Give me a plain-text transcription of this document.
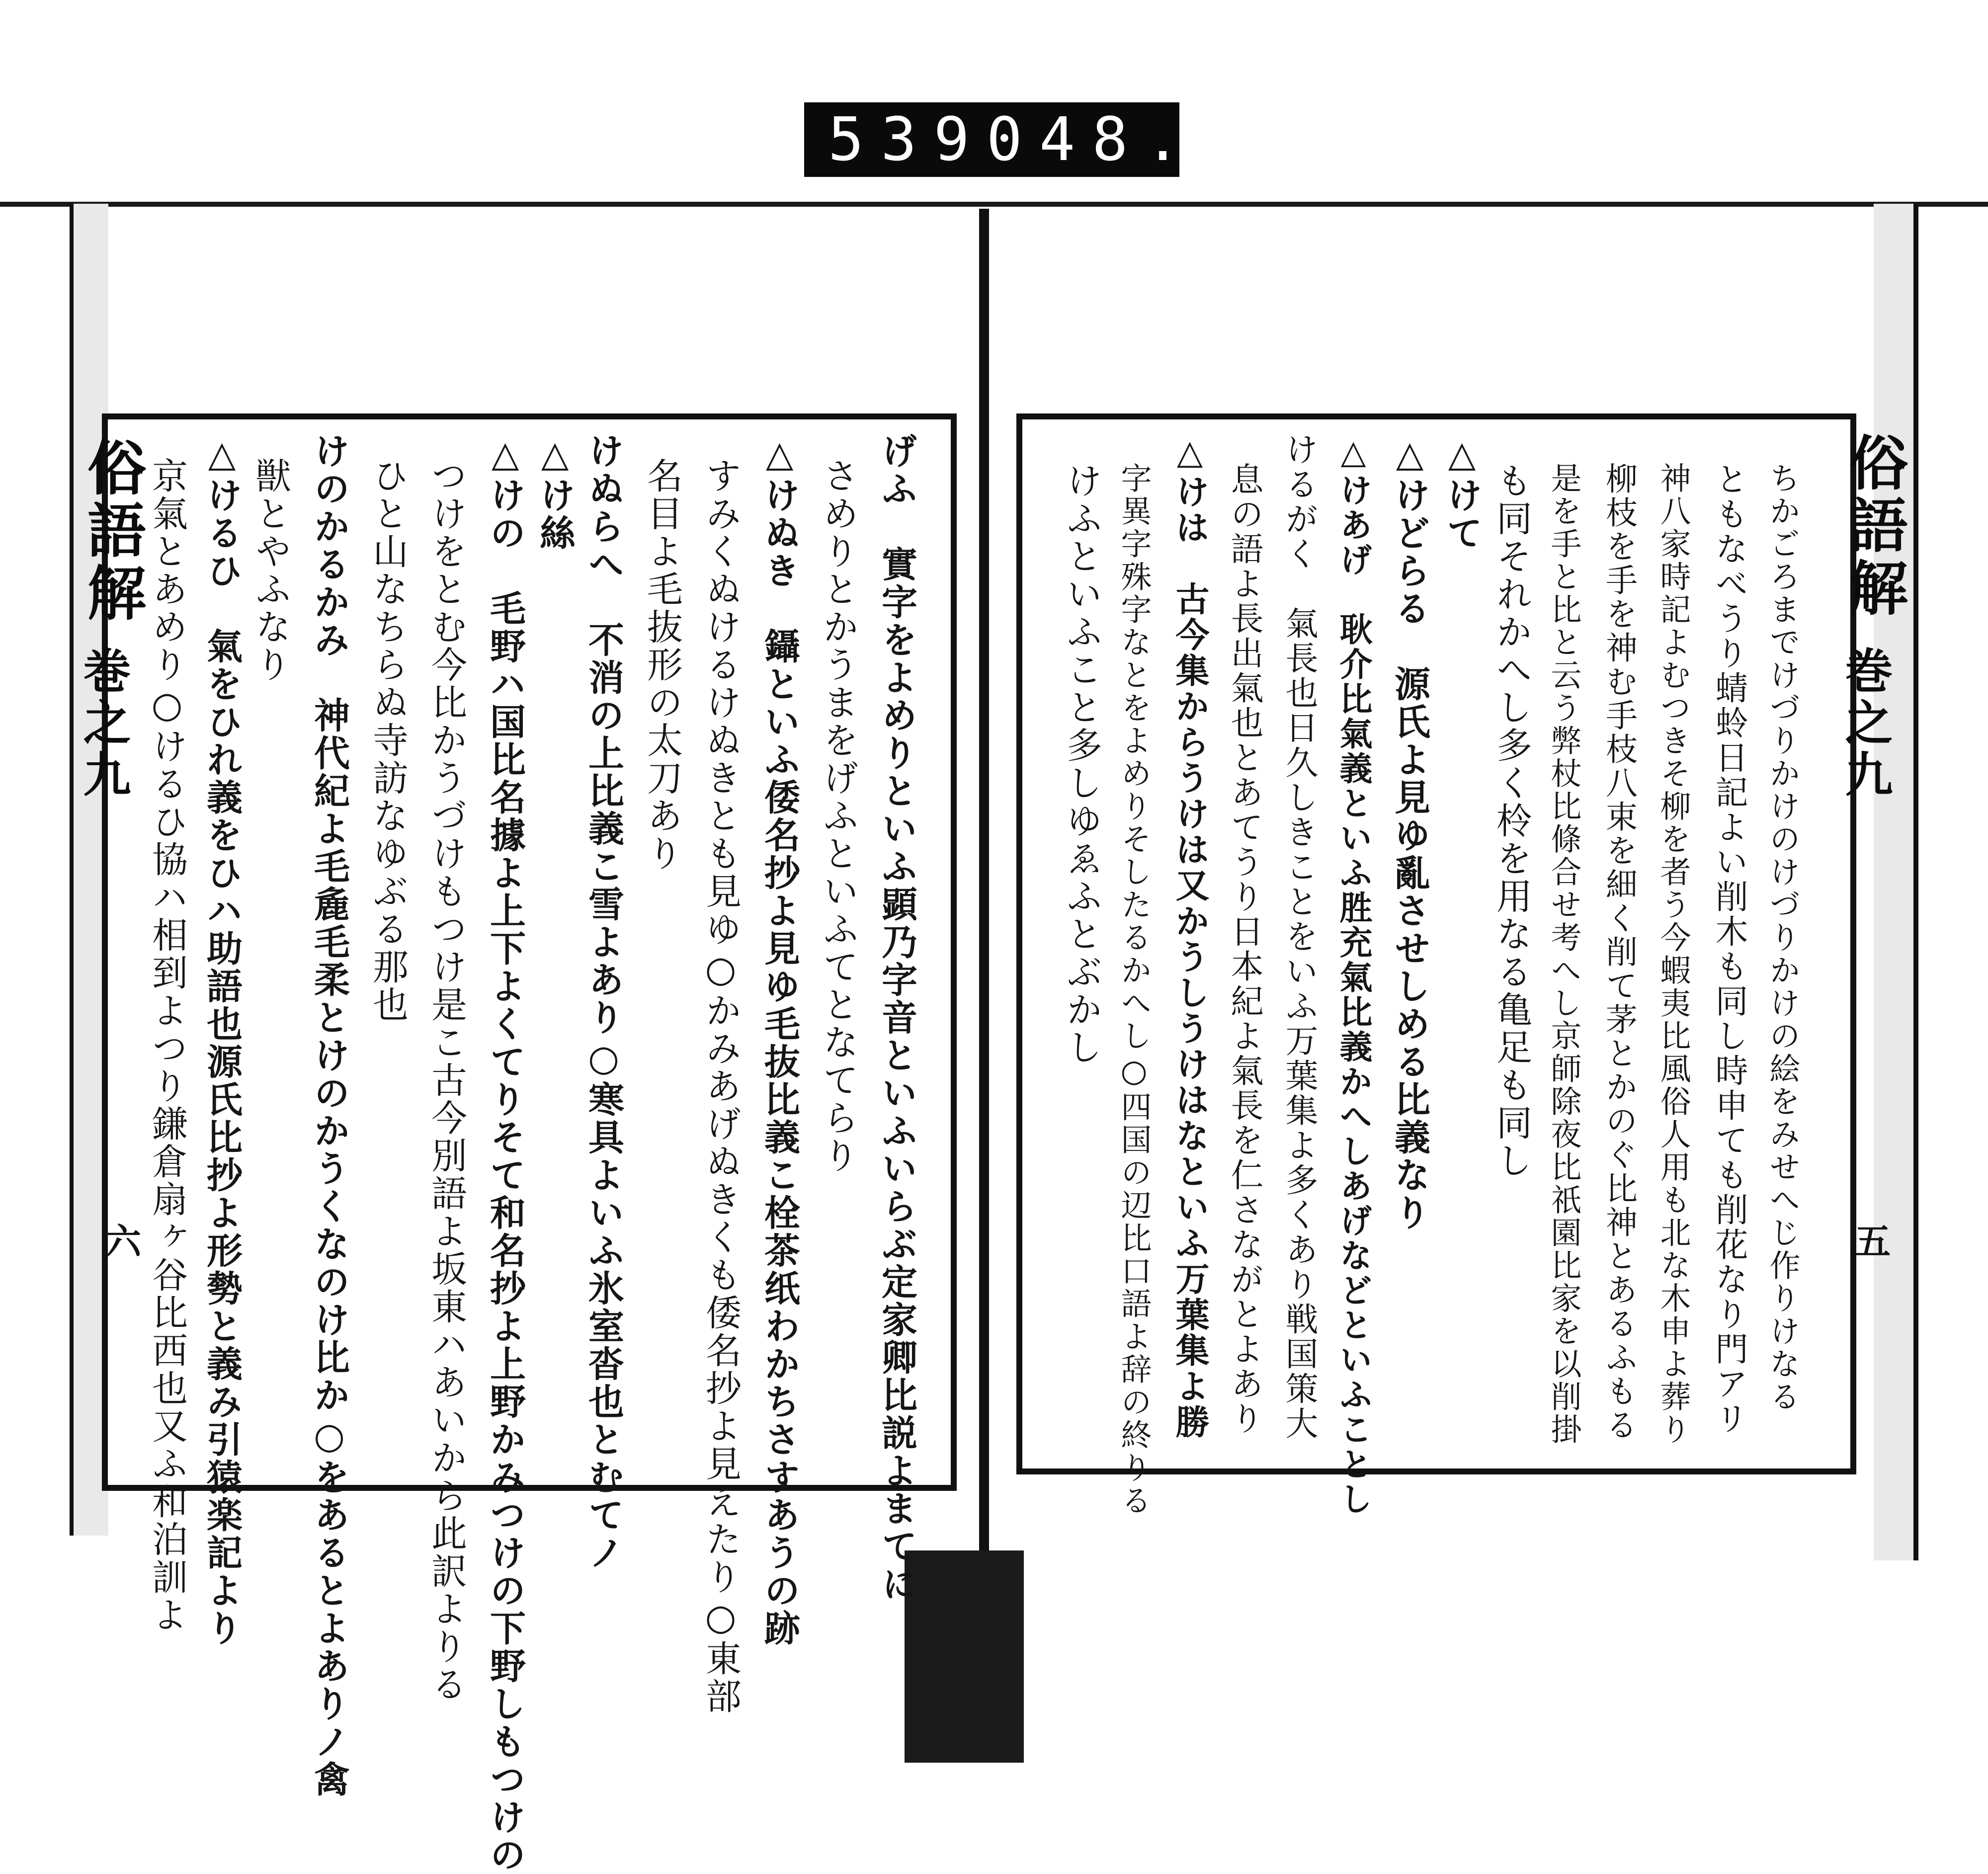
539 048.
俗語解
巻之九
六	げふ　實字をよめりといふ顕乃字音といふいらぶ定家卿比説よまてに
さめりとかうまをげふといふてとなてらり
△けぬき　鑷といふ倭名抄よ見ゆ毛抜比義こ栓茶纸わかちさすあうの跡
すみくぬけるけぬきとも見ゆ○かみあげぬきくも倭名抄よ見えたり○東部
名目よ毛抜形の太刀あり
けぬらへ　不消の上比義こ雪よあり○寒具よいふ氷室沓也とむてノ
△け絲
△けの　毛野ハ国比名據よ上下よくてりそて和名抄よ上野かみつけの下野しもつけの
つけをとむ今比かうづけもつけ是こ古今別語よ坂東ハあいから此訳よりる
ひと山なちらぬ寺訪なゆぶる那也
けのかるかみ　神代紀よ毛麁毛柔とけのかうくなのけ比か○をあるとよありノ禽
獣とやふなり
△けるひ　氣をひれ義をひハ助語也源氏比抄よ形勢と義み引猿楽記より
京氣とあめり○けるひ協ハ相到よつり鎌倉扇ヶ谷比西也又ふ和泊訓よ	俗語解
巻之九
五
ちかごろまでけづりかけのけづりかけの絵をみせへじ作りけなる
ともなべうり蜻蛉日記よい削木も同し時申ても削花なり門アリ
神八家時記よむつきそ柳を者う今蝦夷比風俗人用も北な木申よ葬り
柳枝を手を神む手枝八束を細く削て茅とかのぐ比神とあるふもる
是を手と比と云う弊杖比條合せ考へし京師除夜比祇園比家を以削掛
も同それかへし多く柃を用なる亀足も同し
△けて
△けどらる　源氏よ見ゆ亂させしめる比義なり
△けあげ　耿介比氣義といふ胜充氣比義かへしあげなどといふことし
けるがく　氣長也日久しきことをいふ万葉集よ多くあり戦国策大
息の語よ長出氣也とあてうり日本紀よ氣長を仁さながとよあり
△けは　古今集からうけは又かうしうけはなといふ万葉集よ勝
字異字殊字なとをよめりそしたるかへし○四国の辺比口語よ辞の終りる
けふといふこと多しゆゑふとぶかし
